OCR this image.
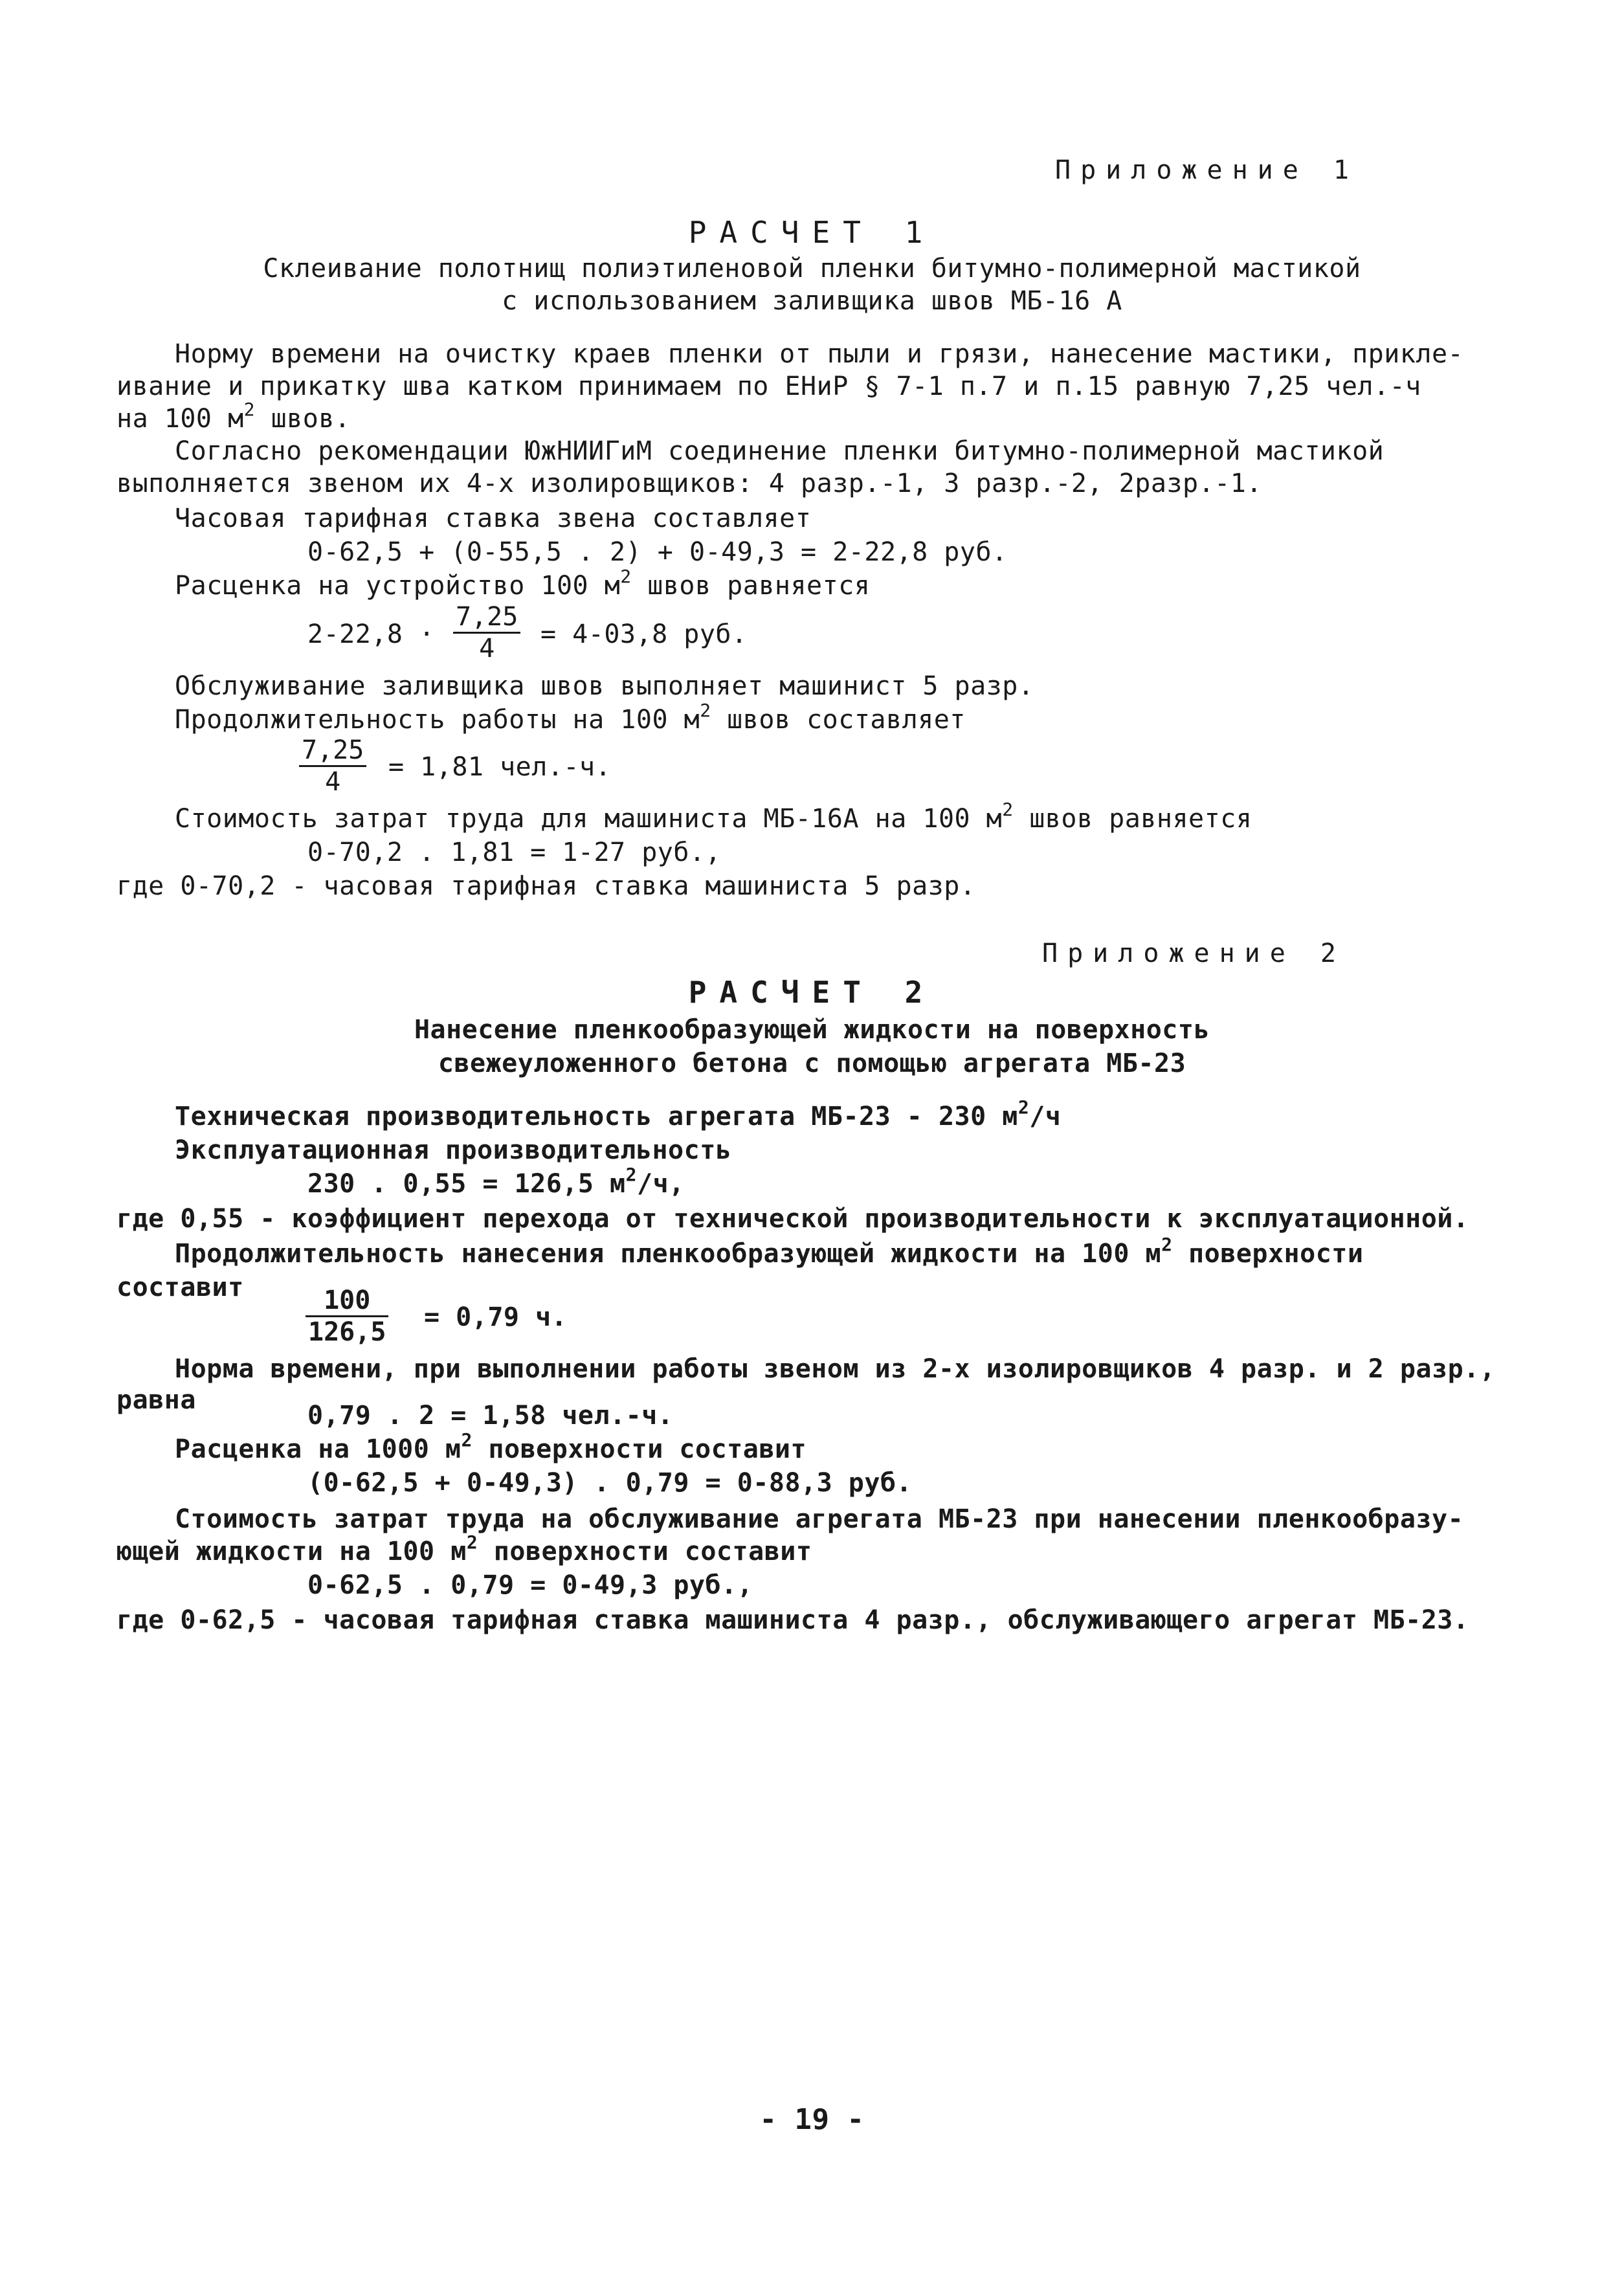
Приложение 1
РАСЧЕТ 1
Склеивание полотнищ полиэтиленовой пленки битумно-полимерной мастикой
с использованием заливщика швов МБ-16 А
Норму времени на очистку краев пленки от пыли и грязи, нанесение мастики, прикле-
ивание и прикатку шва катком принимаем по ЕНиР § 7-1 п.7 и п.15 равную 7,25 чел.-ч
на 100 $м^2$ швов.
Согласно рекомендации ЮжНИИГиМ соединение пленки битумно-полимерной мастикой
выполняется звеном их 4-х изолировщиков: 4 разр.-1, 3 разр.-2, 2разр.-1.
Часовая тарифная ставка звена составляет
0-62,5 + (0-55,5 . 2) + 0-49,3 = 2-22,8 руб.
Расценка на устройство 100 $м^2$ швов равняется
$2-22,8 \cdot \frac{7,25}{4} = 4-03,8$ руб.
Обслуживание заливщика швов выполняет машинист 5 разр.
Продолжительность работы на 100 $м^2$ швов составляет
$\frac{7,25}{4} = 1,81$ чел.-ч.
Стоимость затрат труда для машиниста МБ-16А на 100 $м^2$ швов равняется
0-70,2 . 1,81 = 1-27 руб.,
где 0-70,2 - часовая тарифная ставка машиниста 5 разр.
Приложение 2
РАСЧЕТ 2
Нанесение пленкообразующей жидкости на поверхность
свежеуложенного бетона с помощью агрегата МБ-23
Техническая производительность агрегата МБ-23 - 230 $м^2/ч$
Эксплуатационная производительность
230 . 0,55 = 126,5 $м^2/ч$,
где 0,55 - коэффициент перехода от технической производительности к эксплуатационной.
Продолжительность нанесения пленкообразующей жидкости на 100 $м^2$ поверхности
составит $\frac{100}{126,5} = 0,79$ ч.
Норма времени, при выполнении работы звеном из 2-х изолировщиков 4 разр. и 2 разр.,
равна
0,79 . 2 = 1,58 чел.-ч.
Расценка на 1000 $м^2$ поверхности составит
(0-62,5 + 0-49,3) . 0,79 = 0-88,3 руб.
Стоимость затрат труда на обслуживание агрегата МБ-23 при нанесении пленкообразу-
ющей жидкости на 100 $м^2$ поверхности составит
0-62,5 . 0,79 = 0-49,3 руб.,
где 0-62,5 - часовая тарифная ставка машиниста 4 разр., обслуживающего агрегат МБ-23.
- 19 -
